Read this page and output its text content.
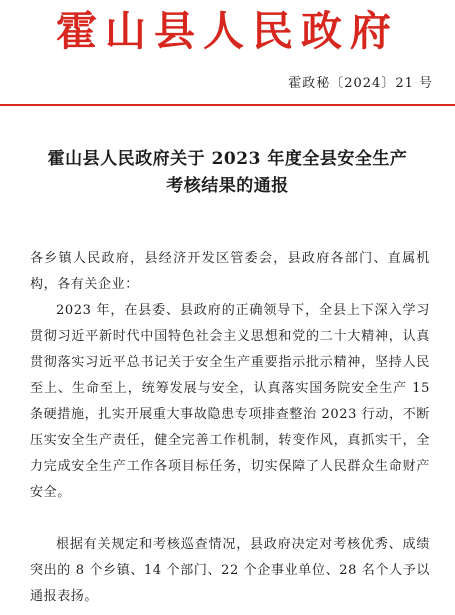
霍山县人民政府
霍政秘〔2024〕21 号
霍山县人民政府关于 2023 年度全县安全生产
考核结果的通报
各乡镇人民政府，县经济开发区管委会，县政府各部门、直属机构，各有关企业：
2023 年，在县委、县政府的正确领导下，全县上下深入学习贯彻习近平新时代中国特色社会主义思想和党的二十大精神，认真贯彻落实习近平总书记关于安全生产重要指示批示精神，坚持人民至上、生命至上，统筹发展与安全，认真落实国务院安全生产 15 条硬措施，扎实开展重大事故隐患专项排查整治 2023 行动，不断压实安全生产责任，健全完善工作机制，转变作风，真抓实干，全力完成安全生产工作各项目标任务，切实保障了人民群众生命财产安全。
根据有关规定和考核巡查情况，县政府决定对考核优秀、成绩突出的 8 个乡镇、14 个部门、22 个企事业单位、28 名个人予以通报表扬。
